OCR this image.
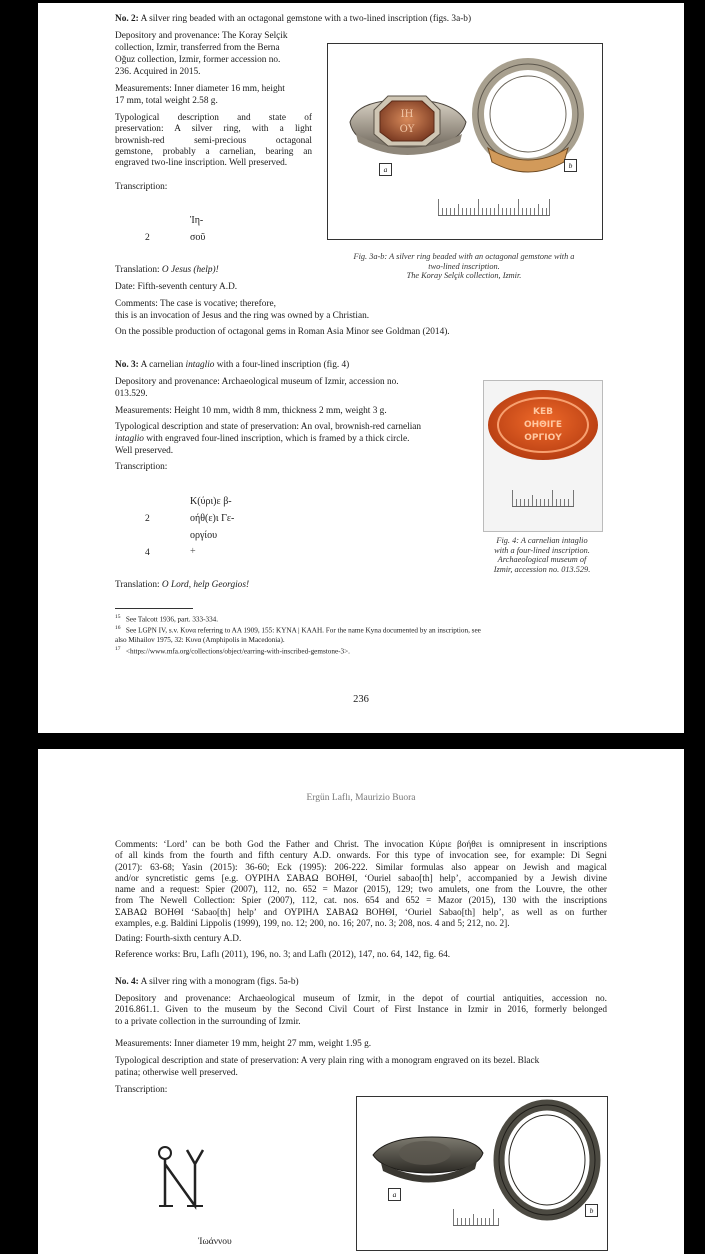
No. 2: A silver ring beaded with an octagonal gemstone with a two-lined inscription (figs. 3a-b)
Depository and provenance: The Koray Selçik
collection, Izmir, transferred from the Berna
Oğuz collection, Izmir, former accession no.
236. Acquired in 2015.
Measurements: Inner diameter 16 mm, height
17 mm, total weight 2.58 g.
Typological description and state of
preservation: A silver ring, with a light
brownish-red semi-precious octagonal
gemstone, probably a carnelian, bearing an
engraved two-line inscription. Well preserved.
Transcription:
Ἰη-
2	σοῦ
Translation: O Jesus (help)!
Date: Fifth-seventh century A.D.
Comments: The case is vocative; therefore,
this is an invocation of Jesus and the ring was owned by a Christian.
On the possible production of octagonal gems in Roman Asia Minor see Goldman (2014).
ΙΗ
ΟΥ
a	b
Fig. 3a-b: A silver ring beaded with an octagonal gemstone with a
two-lined inscription.
The Koray Selçik collection, Izmir.
No. 3: A carnelian intaglio with a four-lined inscription (fig. 4)
Depository and provenance: Archaeological museum of Izmir, accession no.
013.529.
Measurements: Height 10 mm, width 8 mm, thickness 2 mm, weight 3 g.
Typological description and state of preservation: An oval, brownish-red carnelian
intaglio with engraved four-lined inscription, which is framed by a thick circle.
Well preserved.
Transcription:
Κ(ύρι)ε β-
2	οήθ(ε)ι Γε-
οργίου
4	+
Translation: O Lord, help Georgios!
ΚΕΒ
ΟΗΘΙΓΕ
ΟΡΓΙΟΥ
Fig. 4: A carnelian intaglio
with a four-lined inscription.
Archaeological museum of
Izmir, accession no. 013.529.
$^{15}$ See Talcott 1936, part. 333-334.
$^{16}$ See LGPN IV, s.v. Κυνα referring to AA 1909, 155: KYNA | KAAH. For the name Kyna documented by an inscription, see
also Mihailov 1975, 32: Κυνα (Amphipolis in Macedonia).
$^{17}$ <https://www.mfa.org/collections/object/earring-with-inscribed-gemstone-3>.
236
Ergün Laflı, Maurizio Buora
Comments: ‘Lord’ can be both God the Father and Christ. The invocation Κύριε βοήθει is omnipresent in inscriptions
of all kinds from the fourth and fifth century A.D. onwards. For this type of invocation see, for example: Di Segni
(2017): 63-68; Yasin (2015): 36-60; Eck (1995): 206-222. Similar formulas also appear on Jewish and magical
and/or syncretistic gems [e.g. ΟΥΡΙΗΛ ΣΑΒΑΩ ΒΟΗΘΙ, ‘Ouriel sabao[th] help’, accompanied by a Jewish divine
name and a request: Spier (2007), 112, no. 652 = Mazor (2015), 129; two amulets, one from the Louvre, the other
from The Newell Collection: Spier (2007), 112, cat. nos. 654 and 652 = Mazor (2015), 130 with the inscriptions
ΣΑΒΑΩ ΒΟΗΘΙ ‘Sabao[th] help’ and ΟΥΡΙΗΛ ΣΑΒΑΩ ΒΟΗΘΙ, ‘Ouriel Sabao[th] help’, as well as on further
examples, e.g. Baldini Lippolis (1999), 199, no. 12; 200, no. 16; 207, no. 3; 208, nos. 4 and 5; 212, no. 2].
Dating: Fourth-sixth century A.D.
Reference works: Bru, Laflı (2011), 196, no. 3; and Laflı (2012), 147, no. 64, 142, fig. 64.
No. 4: A silver ring with a monogram (figs. 5a-b)
Depository and provenance: Archaeological museum of Izmir, in the depot of courtial antiquities, accession no.
2016.861.1. Given to the museum by the Second Civil Court of First Instance in Izmir in 2016, formerly belonged
to a private collection in the surrounding of Izmir.
Measurements: Inner diameter 19 mm, height 27 mm, weight 1.95 g.
Typological description and state of preservation: A very plain ring with a monogram engraved on its bezel. Black
patina; otherwise well preserved.
Transcription:
Ἰωάννου
a
b
